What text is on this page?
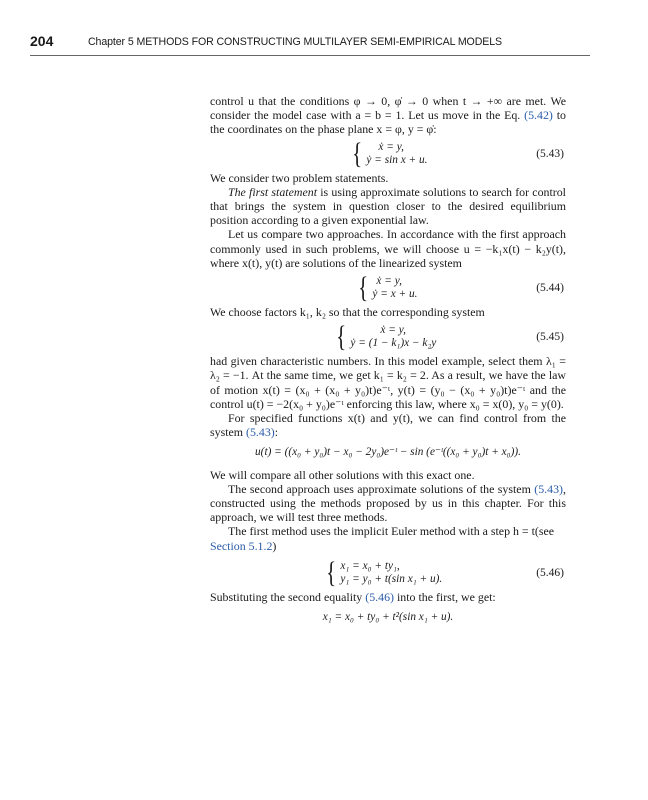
204	Chapter 5 METHODS FOR CONSTRUCTING MULTILAYER SEMI-EMPIRICAL MODELS

control u that the conditions φ → 0, φ̇ → 0 when t → +∞ are met. We consider the model case with a = b = 1. Let us move in the Eq. (5.42) to the coordinates on the phase plane x = φ, y = φ̇:

{	ẋ = y,
ẏ = sin x + u.
(5.43)

We consider two problem statements.

The first statement is using approximate solutions to search for control that brings the system in question closer to the desired equilibrium position according to a given exponential law.

Let us compare two approaches. In accordance with the first approach commonly used in such problems, we will choose u = −k₁x(t) − k₂y(t), where x(t), y(t) are solutions of the linearized system

{ ẋ = y,
ẏ = x + u.
(5.44)

We choose factors k₁, k₂ so that the corresponding system

{	ẋ = y,
ẏ = (1 − k₁)x − k₂y
(5.45)

had given characteristic numbers. In this model example, select them λ₁ = λ₂ = −1. At the same time, we get k₁ = k₂ = 2. As a result, we have the law of motion x(t) = (x₀ + (x₀ + y₀)t)e⁻ᵗ, y(t) = (y₀ − (x₀ + y₀)t)e⁻ᵗ and the control u(t) = −2(x₀ + y₀)e⁻ᵗ enforcing this law, where x₀ = x(0), y₀ = y(0).

For specified functions x(t) and y(t), we can find control from the system (5.43):

u(t) = ((x₀ + y₀)t − x₀ − 2y₀)e⁻ᵗ − sin (e⁻ᵗ((x₀ + y₀)t + x₀)).

We will compare all other solutions with this exact one.

The second approach uses approximate solutions of the system (5.43), constructed using the methods proposed by us in this chapter. For this approach, we will test three methods.

The first method uses the implicit Euler method with a step h = t(see Section 5.1.2)

{ x₁ = x₀ + ty₁,
y₁ = y₀ + t(sin x₁ + u).
(5.46)

Substituting the second equality (5.46) into the first, we get:

x₁ = x₀ + ty₀ + t²(sin x₁ + u).
